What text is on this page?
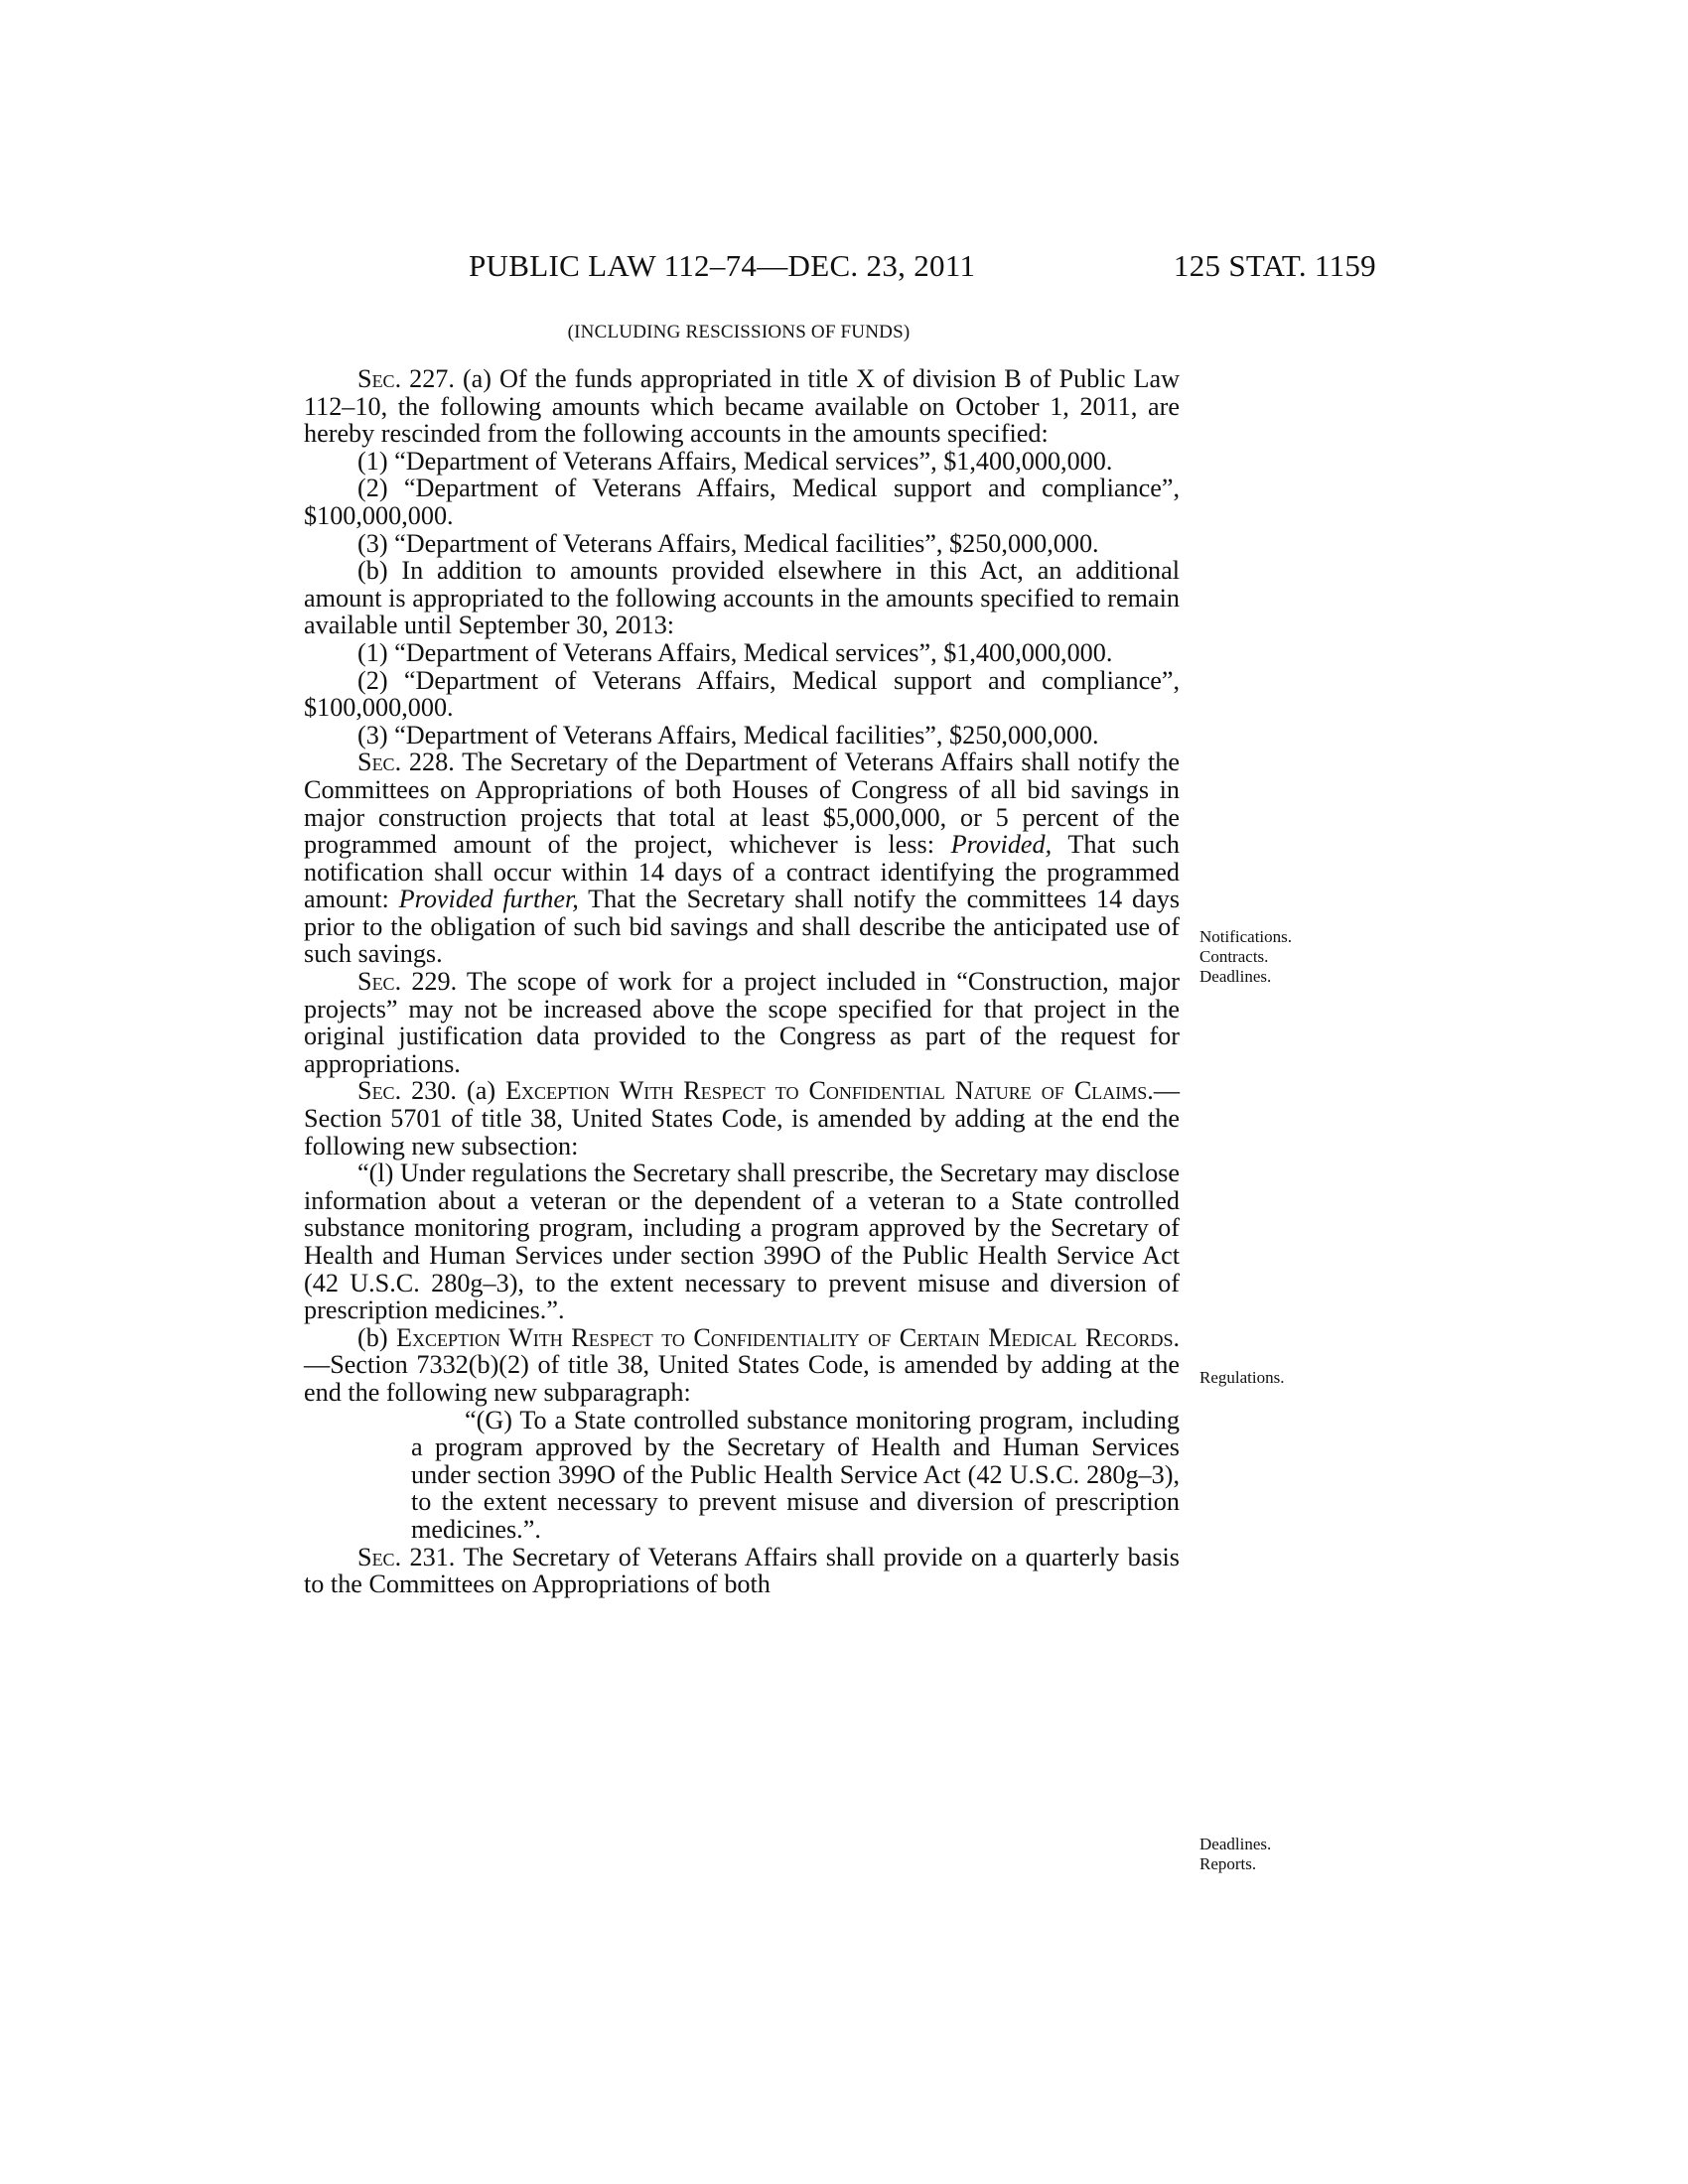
PUBLIC LAW 112–74—DEC. 23, 2011	125 STAT. 1159
(INCLUDING RESCISSIONS OF FUNDS)

Sec. 227. (a) Of the funds appropriated in title X of division B of Public Law 112–10, the following amounts which became available on October 1, 2011, are hereby rescinded from the following accounts in the amounts specified:

(1) “Department of Veterans Affairs, Medical services”, $1,400,000,000.

(2) “Department of Veterans Affairs, Medical support and compliance”, $100,000,000.

(3) “Department of Veterans Affairs, Medical facilities”, $250,000,000.

(b) In addition to amounts provided elsewhere in this Act, an additional amount is appropriated to the following accounts in the amounts specified to remain available until September 30, 2013:

(1) “Department of Veterans Affairs, Medical services”, $1,400,000,000.

(2) “Department of Veterans Affairs, Medical support and compliance”, $100,000,000.

(3) “Department of Veterans Affairs, Medical facilities”, $250,000,000.

Sec. 228. The Secretary of the Department of Veterans Affairs shall notify the Committees on Appropriations of both Houses of Congress of all bid savings in major construction projects that total at least $5,000,000, or 5 percent of the programmed amount of the project, whichever is less: Provided, That such notification shall occur within 14 days of a contract identifying the programmed amount: Provided further, That the Secretary shall notify the committees 14 days prior to the obligation of such bid savings and shall describe the anticipated use of such savings.

Sec. 229. The scope of work for a project included in “Construction, major projects” may not be increased above the scope specified for that project in the original justification data provided to the Congress as part of the request for appropriations.

Sec. 230. (a) Exception With Respect to Confidential Nature of Claims.—Section 5701 of title 38, United States Code, is amended by adding at the end the following new subsection:

“(l) Under regulations the Secretary shall prescribe, the Secretary may disclose information about a veteran or the dependent of a veteran to a State controlled substance monitoring program, including a program approved by the Secretary of Health and Human Services under section 399O of the Public Health Service Act (42 U.S.C. 280g–3), to the extent necessary to prevent misuse and diversion of prescription medicines.”.

(b) Exception With Respect to Confidentiality of Certain Medical Records.—Section 7332(b)(2) of title 38, United States Code, is amended by adding at the end the following new subparagraph:

“(G) To a State controlled substance monitoring program, including a program approved by the Secretary of Health and Human Services under section 399O of the Public Health Service Act (42 U.S.C. 280g–3), to the extent necessary to prevent misuse and diversion of prescription medicines.”.

Sec. 231. The Secretary of Veterans Affairs shall provide on a quarterly basis to the Committees on Appropriations of both

Notifications.

Contracts.

Deadlines.

Regulations.

Deadlines.

Reports.
